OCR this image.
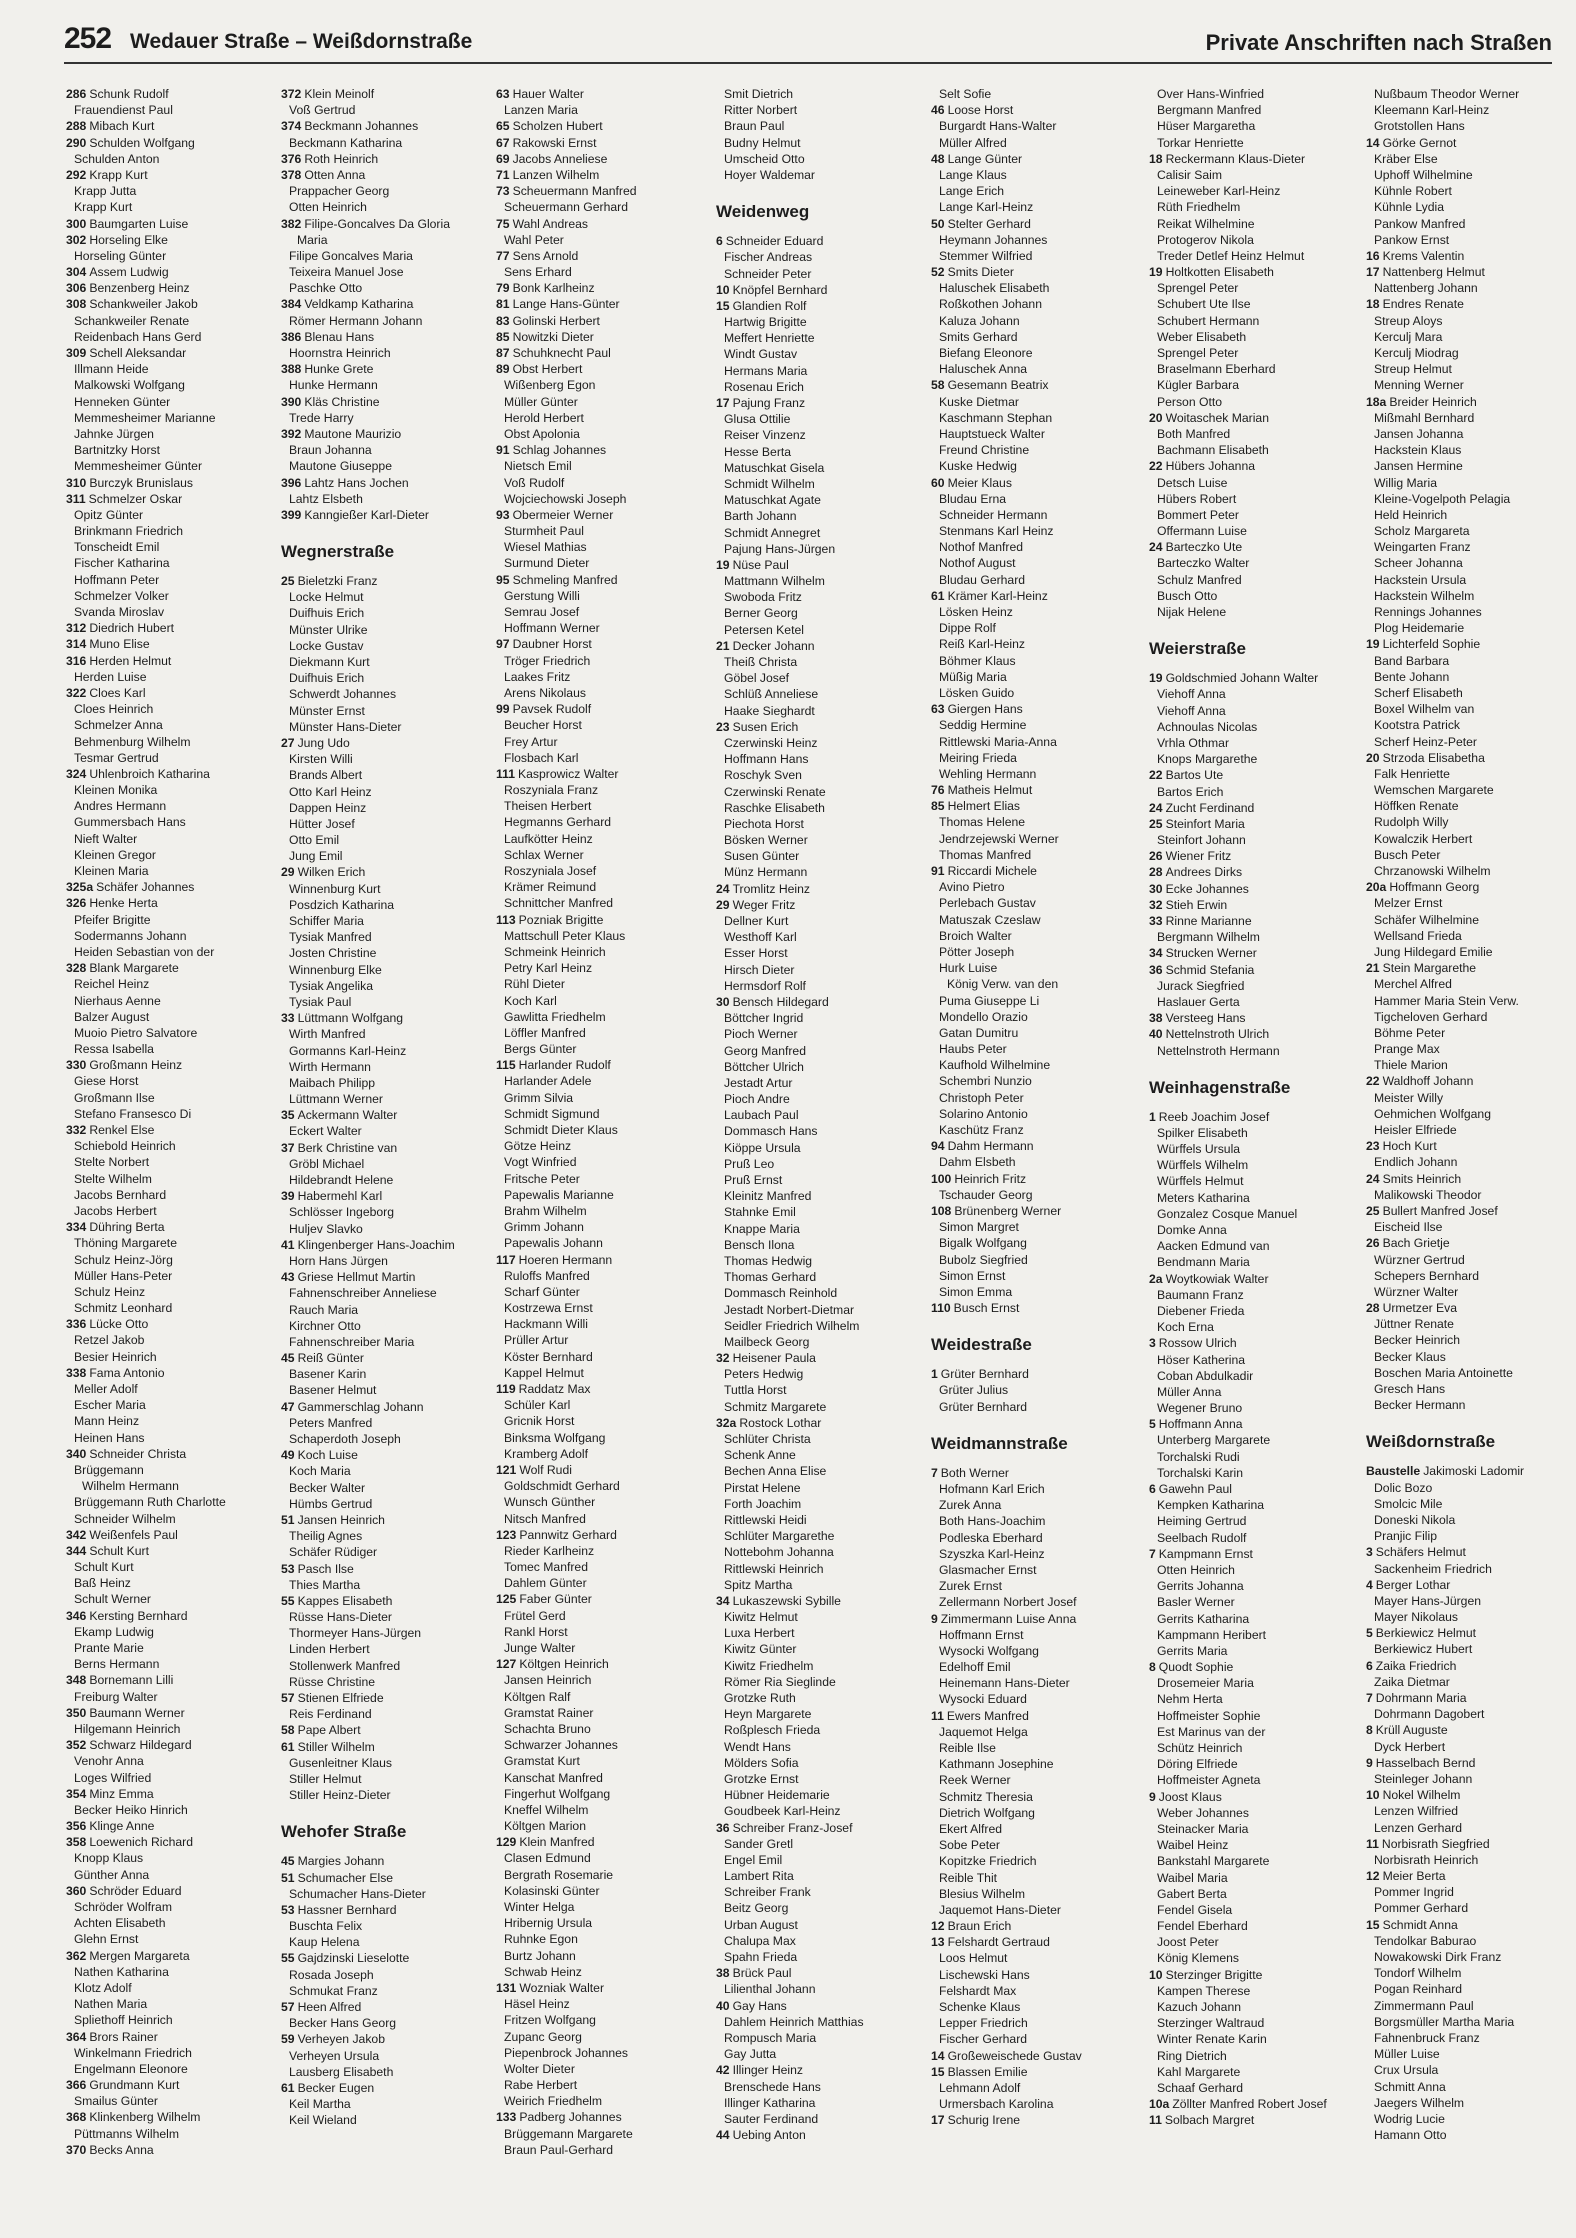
252 Wedauer Straße – Weißdornstraße	Private Anschriften nach Straßen
286 Schunk Rudolf
Frauendienst Paul
288 Mibach Kurt
290 Schulden Wolfgang
Schulden Anton
292 Krapp Kurt
Krapp Jutta
Krapp Kurt
300 Baumgarten Luise
302 Horseling Elke
Horseling Günter
304 Assem Ludwig
306 Benzenberg Heinz
308 Schankweiler Jakob
Schankweiler Renate
Reidenbach Hans Gerd
309 Schell Aleksandar
Illmann Heide
Malkowski Wolfgang
Henneken Günter
Memmesheimer Marianne
Jahnke Jürgen
Bartnitzky Horst
Memmesheimer Günter
310 Burczyk Brunislaus
311 Schmelzer Oskar
Opitz Günter
Brinkmann Friedrich
Tonscheidt Emil
Fischer Katharina
Hoffmann Peter
Schmelzer Volker
Svanda Miroslav
312 Diedrich Hubert
314 Muno Elise
316 Herden Helmut
Herden Luise
322 Cloes Karl
Cloes Heinrich
Schmelzer Anna
Behmenburg Wilhelm
Tesmar Gertrud
324 Uhlenbroich Katharina
Kleinen Monika
Andres Hermann
Gummersbach Hans
Nieft Walter
Kleinen Gregor
Kleinen Maria
325a Schäfer Johannes
326 Henke Herta
Pfeifer Brigitte
Sodermanns Johann
Heiden Sebastian von der
328 Blank Margarete
Reichel Heinz
Nierhaus Aenne
Balzer August
Muoio Pietro Salvatore
Ressa Isabella
330 Großmann Heinz
Giese Horst
Großmann Ilse
Stefano Fransesco Di
332 Renkel Else
Schiebold Heinrich
Stelte Norbert
Stelte Wilhelm
Jacobs Bernhard
Jacobs Herbert
334 Dühring Berta
Thöning Margarete
Schulz Heinz-Jörg
Müller Hans-Peter
Schulz Heinz
Schmitz Leonhard
336 Lücke Otto
Retzel Jakob
Besier Heinrich
338 Fama Antonio
Meller Adolf
Escher Maria
Mann Heinz
Heinen Hans
340 Schneider Christa
Brüggemann
Wilhelm Hermann
Brüggemann Ruth Charlotte
Schneider Wilhelm
342 Weißenfels Paul
344 Schult Kurt
Schult Kurt
Baß Heinz
Schult Werner
346 Kersting Bernhard
Ekamp Ludwig
Prante Marie
Berns Hermann
348 Bornemann Lilli
Freiburg Walter
350 Baumann Werner
Hilgemann Heinrich
352 Schwarz Hildegard
Venohr Anna
Loges Wilfried
354 Minz Emma
Becker Heiko Hinrich
356 Klinge Anne
358 Loewenich Richard
Knopp Klaus
Günther Anna
360 Schröder Eduard
Schröder Wolfram
Achten Elisabeth
Glehn Ernst
362 Mergen Margareta
Nathen Katharina
Klotz Adolf
Nathen Maria
Spliethoff Heinrich
364 Brors Rainer
Winkelmann Friedrich
Engelmann Eleonore
366 Grundmann Kurt
Smailus Günter
368 Klinkenberg Wilhelm
Püttmanns Wilhelm
370 Becks Anna
372 Klein Meinolf
Voß Gertrud
374 Beckmann Johannes
Beckmann Katharina
376 Roth Heinrich
378 Otten Anna
Prappacher Georg
Otten Heinrich
382 Filipe-Goncalves Da Gloria
Maria
Filipe Goncalves Maria
Teixeira Manuel Jose
Paschke Otto
384 Veldkamp Katharina
Römer Hermann Johann
386 Blenau Hans
Hoornstra Heinrich
388 Hunke Grete
Hunke Hermann
390 Kläs Christine
Trede Harry
392 Mautone Maurizio
Braun Johanna
Mautone Giuseppe
396 Lahtz Hans Jochen
Lahtz Elsbeth
399 Kanngießer Karl-Dieter
Wegnerstraße
25 Bieletzki Franz
Locke Helmut
Duifhuis Erich
Münster Ulrike
Locke Gustav
Diekmann Kurt
Duifhuis Erich
Schwerdt Johannes
Münster Ernst
Münster Hans-Dieter
27 Jung Udo
Kirsten Willi
Brands Albert
Otto Karl Heinz
Dappen Heinz
Hütter Josef
Otto Emil
Jung Emil
29 Wilken Erich
Winnenburg Kurt
Posdzich Katharina
Schiffer Maria
Tysiak Manfred
Josten Christine
Winnenburg Elke
Tysiak Angelika
Tysiak Paul
33 Lüttmann Wolfgang
Wirth Manfred
Gormanns Karl-Heinz
Wirth Hermann
Maibach Philipp
Lüttmann Werner
35 Ackermann Walter
Eckert Walter
37 Berk Christine van
Gröbl Michael
Hildebrandt Helene
39 Habermehl Karl
Schlösser Ingeborg
Huljev Slavko
41 Klingenberger Hans-Joachim
Horn Hans Jürgen
43 Griese Hellmut Martin
Fahnenschreiber Anneliese
Rauch Maria
Kirchner Otto
Fahnenschreiber Maria
45 Reiß Günter
Basener Karin
Basener Helmut
47 Gammerschlag Johann
Peters Manfred
Schaperdoth Joseph
49 Koch Luise
Koch Maria
Becker Walter
Hümbs Gertrud
51 Jansen Heinrich
Theilig Agnes
Schäfer Rüdiger
53 Pasch Ilse
Thies Martha
55 Kappes Elisabeth
Rüsse Hans-Dieter
Thormeyer Hans-Jürgen
Linden Herbert
Stollenwerk Manfred
Rüsse Christine
57 Stienen Elfriede
Reis Ferdinand
58 Pape Albert
61 Stiller Wilhelm
Gusenleitner Klaus
Stiller Helmut
Stiller Heinz-Dieter
Wehofer Straße
45 Margies Johann
51 Schumacher Else
Schumacher Hans-Dieter
53 Hassner Bernhard
Buschta Felix
Kaup Helena
55 Gajdzinski Lieselotte
Rosada Joseph
Schmukat Franz
57 Heen Alfred
Becker Hans Georg
59 Verheyen Jakob
Verheyen Ursula
Lausberg Elisabeth
61 Becker Eugen
Keil Martha
Keil Wieland
63 Hauer Walter
Lanzen Maria
65 Scholzen Hubert
67 Rakowski Ernst
69 Jacobs Anneliese
71 Lanzen Wilhelm
73 Scheuermann Manfred
Scheuermann Gerhard
75 Wahl Andreas
Wahl Peter
77 Sens Arnold
Sens Erhard
79 Bonk Karlheinz
81 Lange Hans-Günter
83 Golinski Herbert
85 Nowitzki Dieter
87 Schuhknecht Paul
89 Obst Herbert
Wißenberg Egon
Müller Günter
Herold Herbert
Obst Apolonia
91 Schlag Johannes
Nietsch Emil
Voß Rudolf
Wojciechowski Joseph
93 Obermeier Werner
Sturmheit Paul
Wiesel Mathias
Surmund Dieter
95 Schmeling Manfred
Gerstung Willi
Semrau Josef
Hoffmann Werner
97 Daubner Horst
Tröger Friedrich
Laakes Fritz
Arens Nikolaus
99 Pavsek Rudolf
Beucher Horst
Frey Artur
Flosbach Karl
111 Kasprowicz Walter
Roszyniala Franz
Theisen Herbert
Hegmanns Gerhard
Laufkötter Heinz
Schlax Werner
Roszyniala Josef
Krämer Reimund
Schnittcher Manfred
113 Pozniak Brigitte
Mattschull Peter Klaus
Schmeink Heinrich
Petry Karl Heinz
Rühl Dieter
Koch Karl
Gawlitta Friedhelm
Löffler Manfred
Bergs Günter
115 Harlander Rudolf
Harlander Adele
Grimm Silvia
Schmidt Sigmund
Schmidt Dieter Klaus
Götze Heinz
Vogt Winfried
Fritsche Peter
Papewalis Marianne
Brahm Wilhelm
Grimm Johann
Papewalis Johann
117 Hoeren Hermann
Ruloffs Manfred
Scharf Günter
Kostrzewa Ernst
Hackmann Willi
Prüller Artur
Köster Bernhard
Kappel Helmut
119 Raddatz Max
Schüler Karl
Gricnik Horst
Binksma Wolfgang
Kramberg Adolf
121 Wolf Rudi
Goldschmidt Gerhard
Wunsch Günther
Nitsch Manfred
123 Pannwitz Gerhard
Rieder Karlheinz
Tomec Manfred
Dahlem Günter
125 Faber Günter
Frütel Gerd
Rankl Horst
Junge Walter
127 Költgen Heinrich
Jansen Heinrich
Költgen Ralf
Gramstat Rainer
Schachta Bruno
Schwarzer Johannes
Gramstat Kurt
Kanschat Manfred
Fingerhut Wolfgang
Kneffel Wilhelm
Költgen Marion
129 Klein Manfred
Clasen Edmund
Bergrath Rosemarie
Kolasinski Günter
Winter Helga
Hribernig Ursula
Ruhnke Egon
Burtz Johann
Schwab Heinz
131 Wozniak Walter
Häsel Heinz
Fritzen Wolfgang
Zupanc Georg
Piepenbrock Johannes
Wolter Dieter
Rabe Herbert
Weirich Friedhelm
133 Padberg Johannes
Brüggemann Margarete
Braun Paul-Gerhard
Smit Dietrich
Ritter Norbert
Braun Paul
Budny Helmut
Umscheid Otto
Hoyer Waldemar
Weidenweg
6 Schneider Eduard
Fischer Andreas
Schneider Peter
10 Knöpfel Bernhard
15 Glandien Rolf
Hartwig Brigitte
Meffert Henriette
Windt Gustav
Hermans Maria
Rosenau Erich
17 Pajung Franz
Glusa Ottilie
Reiser Vinzenz
Hesse Berta
Matuschkat Gisela
Schmidt Wilhelm
Matuschkat Agate
Barth Johann
Schmidt Annegret
Pajung Hans-Jürgen
19 Nüse Paul
Mattmann Wilhelm
Swoboda Fritz
Berner Georg
Petersen Ketel
21 Decker Johann
Theiß Christa
Göbel Josef
Schlüß Anneliese
Haake Sieghardt
23 Susen Erich
Czerwinski Heinz
Hoffmann Hans
Roschyk Sven
Czerwinski Renate
Raschke Elisabeth
Piechota Horst
Bösken Werner
Susen Günter
Münz Hermann
24 Tromlitz Heinz
29 Weger Fritz
Dellner Kurt
Westhoff Karl
Esser Horst
Hirsch Dieter
Hermsdorf Rolf
30 Bensch Hildegard
Böttcher Ingrid
Pioch Werner
Georg Manfred
Böttcher Ulrich
Jestadt Artur
Pioch Andre
Laubach Paul
Dommasch Hans
Kiöppe Ursula
Pruß Leo
Pruß Ernst
Kleinitz Manfred
Stahnke Emil
Knappe Maria
Bensch Ilona
Thomas Hedwig
Thomas Gerhard
Dommasch Reinhold
Jestadt Norbert-Dietmar
Seidler Friedrich Wilhelm
Mailbeck Georg
32 Heisener Paula
Peters Hedwig
Tuttla Horst
Schmitz Margarete
32a Rostock Lothar
Schlüter Christa
Schenk Anne
Bechen Anna Elise
Pirstat Helene
Forth Joachim
Rittlewski Heidi
Schlüter Margarethe
Nottebohm Johanna
Rittlewski Heinrich
Spitz Martha
34 Lukaszewski Sybille
Kiwitz Helmut
Luxa Herbert
Kiwitz Günter
Kiwitz Friedhelm
Römer Ria Sieglinde
Grotzke Ruth
Heyn Margarete
Roßplesch Frieda
Wendt Hans
Mölders Sofia
Grotzke Ernst
Hübner Heidemarie
Goudbeek Karl-Heinz
36 Schreiber Franz-Josef
Sander Gretl
Engel Emil
Lambert Rita
Schreiber Frank
Beitz Georg
Urban August
Chalupa Max
Spahn Frieda
38 Brück Paul
Lilienthal Johann
40 Gay Hans
Dahlem Heinrich Matthias
Rompusch Maria
Gay Jutta
42 Illinger Heinz
Brenschede Hans
Illinger Katharina
Sauter Ferdinand
44 Uebing Anton
Selt Sofie
46 Loose Horst
Burgardt Hans-Walter
Müller Alfred
48 Lange Günter
Lange Klaus
Lange Erich
Lange Karl-Heinz
50 Stelter Gerhard
Heymann Johannes
Stemmer Wilfried
52 Smits Dieter
Haluschek Elisabeth
Roßkothen Johann
Kaluza Johann
Smits Gerhard
Biefang Eleonore
Haluschek Anna
58 Gesemann Beatrix
Kuske Dietmar
Kaschmann Stephan
Hauptstueck Walter
Freund Christine
Kuske Hedwig
60 Meier Klaus
Bludau Erna
Schneider Hermann
Stenmans Karl Heinz
Nothof Manfred
Nothof August
Bludau Gerhard
61 Krämer Karl-Heinz
Lösken Heinz
Dippe Rolf
Reiß Karl-Heinz
Böhmer Klaus
Müßig Maria
Lösken Guido
63 Giergen Hans
Seddig Hermine
Rittlewski Maria-Anna
Meiring Frieda
Wehling Hermann
76 Matheis Helmut
85 Helmert Elias
Thomas Helene
Jendrzejewski Werner
Thomas Manfred
91 Riccardi Michele
Avino Pietro
Perlebach Gustav
Matuszak Czeslaw
Broich Walter
Pötter Joseph
Hurk Luise
König Verw. van den
Puma Giuseppe Li
Mondello Orazio
Gatan Dumitru
Haubs Peter
Kaufhold Wilhelmine
Schembri Nunzio
Christoph Peter
Solarino Antonio
Kaschütz Franz
94 Dahm Hermann
Dahm Elsbeth
100 Heinrich Fritz
Tschauder Georg
108 Brünenberg Werner
Simon Margret
Bigalk Wolfgang
Bubolz Siegfried
Simon Ernst
Simon Emma
110 Busch Ernst
Weidestraße
1 Grüter Bernhard
Grüter Julius
Grüter Bernhard
Weidmannstraße
7 Both Werner
Hofmann Karl Erich
Zurek Anna
Both Hans-Joachim
Podleska Eberhard
Szyszka Karl-Heinz
Glasmacher Ernst
Zurek Ernst
Zellermann Norbert Josef
9 Zimmermann Luise Anna
Hoffmann Ernst
Wysocki Wolfgang
Edelhoff Emil
Heinemann Hans-Dieter
Wysocki Eduard
11 Ewers Manfred
Jaquemot Helga
Reible Ilse
Kathmann Josephine
Reek Werner
Schmitz Theresia
Dietrich Wolfgang
Ekert Alfred
Sobe Peter
Kopitzke Friedrich
Reible Thit
Blesius Wilhelm
Jaquemot Hans-Dieter
12 Braun Erich
13 Felshardt Gertraud
Loos Helmut
Lischewski Hans
Felshardt Max
Schenke Klaus
Lepper Friedrich
Fischer Gerhard
14 Großeweischede Gustav
15 Blassen Emilie
Lehmann Adolf
Urmersbach Karolina
17 Schurig Irene
Over Hans-Winfried
Bergmann Manfred
Hüser Margaretha
Torkar Henriette
18 Reckermann Klaus-Dieter
Calisir Saim
Leineweber Karl-Heinz
Rüth Friedhelm
Reikat Wilhelmine
Protogerov Nikola
Treder Detlef Heinz Helmut
19 Holtkotten Elisabeth
Sprengel Peter
Schubert Ute Ilse
Schubert Hermann
Weber Elisabeth
Sprengel Peter
Braselmann Eberhard
Kügler Barbara
Person Otto
20 Woitaschek Marian
Both Manfred
Bachmann Elisabeth
22 Hübers Johanna
Detsch Luise
Hübers Robert
Bommert Peter
Offermann Luise
24 Barteczko Ute
Barteczko Walter
Schulz Manfred
Busch Otto
Nijak Helene
Weierstraße
19 Goldschmied Johann Walter
Viehoff Anna
Viehoff Anna
Achnoulas Nicolas
Vrhla Othmar
Knops Margarethe
22 Bartos Ute
Bartos Erich
24 Zucht Ferdinand
25 Steinfort Maria
Steinfort Johann
26 Wiener Fritz
28 Andrees Dirks
30 Ecke Johannes
32 Stieh Erwin
33 Rinne Marianne
Bergmann Wilhelm
34 Strucken Werner
36 Schmid Stefania
Jurack Siegfried
Haslauer Gerta
38 Versteeg Hans
40 Nettelnstroth Ulrich
Nettelnstroth Hermann
Weinhagenstraße
1 Reeb Joachim Josef
Spilker Elisabeth
Würffels Ursula
Würffels Wilhelm
Würffels Helmut
Meters Katharina
Gonzalez Cosque Manuel
Domke Anna
Aacken Edmund van
Bendmann Maria
2a Woytkowiak Walter
Baumann Franz
Diebener Frieda
Koch Erna
3 Rossow Ulrich
Höser Katherina
Coban Abdulkadir
Müller Anna
Wegener Bruno
5 Hoffmann Anna
Unterberg Margarete
Torchalski Rudi
Torchalski Karin
6 Gawehn Paul
Kempken Katharina
Heiming Gertrud
Seelbach Rudolf
7 Kampmann Ernst
Otten Heinrich
Gerrits Johanna
Basler Werner
Gerrits Katharina
Kampmann Heribert
Gerrits Maria
8 Quodt Sophie
Drosemeier Maria
Nehm Herta
Hoffmeister Sophie
Est Marinus van der
Schütz Heinrich
Döring Elfriede
Hoffmeister Agneta
9 Joost Klaus
Weber Johannes
Steinacker Maria
Waibel Heinz
Bankstahl Margarete
Waibel Maria
Gabert Berta
Fendel Gisela
Fendel Eberhard
Joost Peter
König Klemens
10 Sterzinger Brigitte
Kampen Therese
Kazuch Johann
Sterzinger Waltraud
Winter Renate Karin
Ring Dietrich
Kahl Margarete
Schaaf Gerhard
10a Zöllter Manfred Robert Josef
11 Solbach Margret
Nußbaum Theodor Werner
Kleemann Karl-Heinz
Grotstollen Hans
14 Görke Gernot
Kräber Else
Uphoff Wilhelmine
Kühnle Robert
Kühnle Lydia
Pankow Manfred
Pankow Ernst
16 Krems Valentin
17 Nattenberg Helmut
Nattenberg Johann
18 Endres Renate
Streup Aloys
Kerculj Mara
Kerculj Miodrag
Streup Helmut
Menning Werner
18a Breider Heinrich
Mißmahl Bernhard
Jansen Johanna
Hackstein Klaus
Jansen Hermine
Willig Maria
Kleine-Vogelpoth Pelagia
Held Heinrich
Scholz Margareta
Weingarten Franz
Scheer Johanna
Hackstein Ursula
Hackstein Wilhelm
Rennings Johannes
Plog Heidemarie
19 Lichterfeld Sophie
Band Barbara
Bente Johann
Scherf Elisabeth
Boxel Wilhelm van
Kootstra Patrick
Scherf Heinz-Peter
20 Strzoda Elisabetha
Falk Henriette
Wemschen Margarete
Höffken Renate
Rudolph Willy
Kowalczik Herbert
Busch Peter
Chrzanowski Wilhelm
20a Hoffmann Georg
Melzer Ernst
Schäfer Wilhelmine
Wellsand Frieda
Jung Hildegard Emilie
21 Stein Margarethe
Merchel Alfred
Hammer Maria Stein Verw.
Tigcheloven Gerhard
Böhme Peter
Prange Max
Thiele Marion
22 Waldhoff Johann
Meister Willy
Oehmichen Wolfgang
Heisler Elfriede
23 Hoch Kurt
Endlich Johann
24 Smits Heinrich
Malikowski Theodor
25 Bullert Manfred Josef
Eischeid Ilse
26 Bach Grietje
Würzner Gertrud
Schepers Bernhard
Würzner Walter
28 Urmetzer Eva
Jüttner Renate
Becker Heinrich
Becker Klaus
Boschen Maria Antoinette
Gresch Hans
Becker Hermann
Weißdornstraße
Baustelle Jakimoski Ladomir
Dolic Bozo
Smolcic Mile
Doneski Nikola
Pranjic Filip
3 Schäfers Helmut
Sackenheim Friedrich
4 Berger Lothar
Mayer Hans-Jürgen
Mayer Nikolaus
5 Berkiewicz Helmut
Berkiewicz Hubert
6 Zaika Friedrich
Zaika Dietmar
7 Dohrmann Maria
Dohrmann Dagobert
8 Krüll Auguste
Dyck Herbert
9 Hasselbach Bernd
Steinleger Johann
10 Nokel Wilhelm
Lenzen Wilfried
Lenzen Gerhard
11 Norbisrath Siegfried
Norbisrath Heinrich
12 Meier Berta
Pommer Ingrid
Pommer Gerhard
15 Schmidt Anna
Tendolkar Baburao
Nowakowski Dirk Franz
Tondorf Wilhelm
Pogan Reinhard
Zimmermann Paul
Borgsmüller Martha Maria
Fahnenbruck Franz
Müller Luise
Crux Ursula
Schmitt Anna
Jaegers Wilhelm
Wodrig Lucie
Hamann Otto
